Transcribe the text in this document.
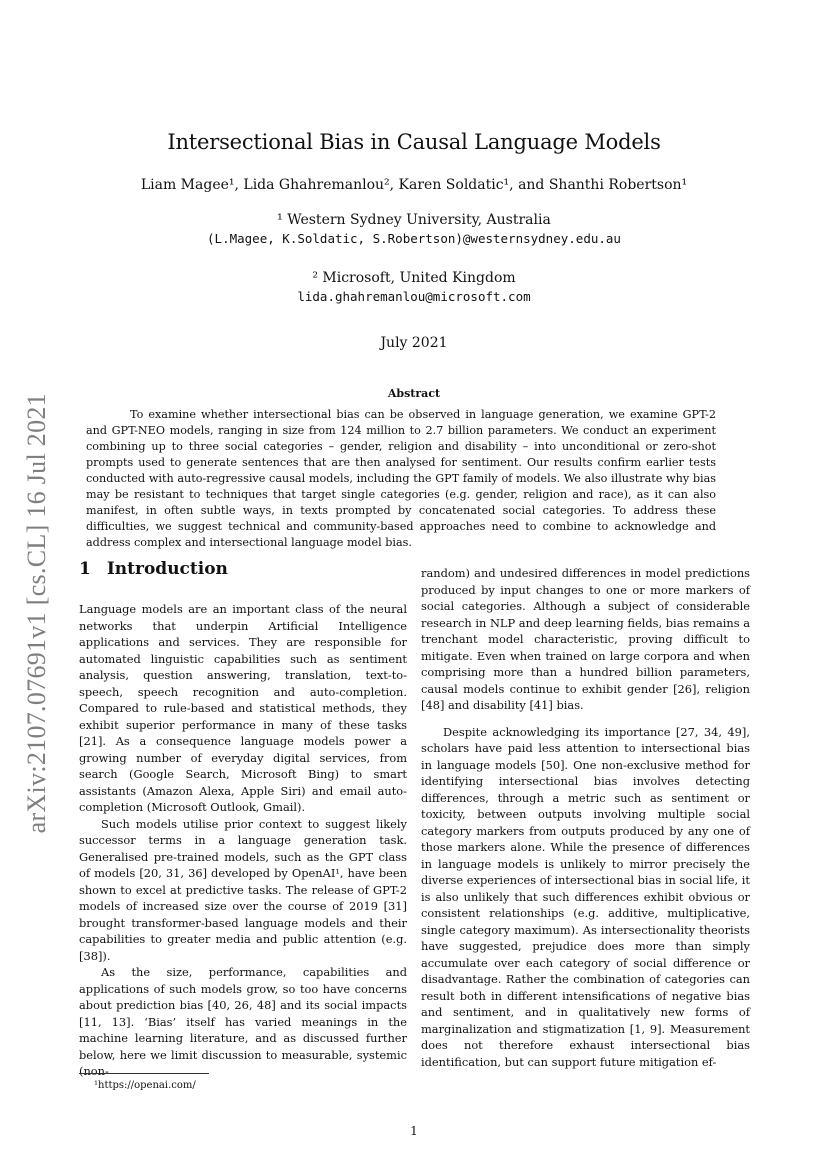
arXiv:2107.07691v1 [cs.CL] 16 Jul 2021
Intersectional Bias in Causal Language Models
Liam Magee¹, Lida Ghahremanlou², Karen Soldatic¹, and Shanthi Robertson¹
¹ Western Sydney University, Australia
(L.Magee, K.Soldatic, S.Robertson)@westernsydney.edu.au
² Microsoft, United Kingdom
lida.ghahremanlou@microsoft.com
July 2021
Abstract
To examine whether intersectional bias can be observed in language generation, we examine GPT-2 and GPT-NEO models, ranging in size from 124 million to 2.7 billion parameters. We conduct an experiment combining up to three social categories – gender, religion and disability – into unconditional or zero-shot prompts used to generate sentences that are then analysed for sentiment. Our results confirm earlier tests conducted with auto-regressive causal models, including the GPT family of models. We also illustrate why bias may be resistant to techniques that target single categories (e.g. gender, religion and race), as it can also manifest, in often subtle ways, in texts prompted by concatenated social categories. To address these difficulties, we suggest technical and community-based approaches need to combine to acknowledge and address complex and intersectional language model bias.
1 Introduction

Language models are an important class of the neural networks that underpin Artificial Intelligence applications and services. They are responsible for automated linguistic capabilities such as sentiment analysis, question answering, translation, text-to-speech, speech recognition and auto-completion. Compared to rule-based and statistical methods, they exhibit superior performance in many of these tasks [21]. As a consequence language models power a growing number of everyday digital services, from search (Google Search, Microsoft Bing) to smart assistants (Amazon Alexa, Apple Siri) and email auto-completion (Microsoft Outlook, Gmail).

Such models utilise prior context to suggest likely successor terms in a language generation task. Generalised pre-trained models, such as the GPT class of models [20, 31, 36] developed by OpenAI¹, have been shown to excel at predictive tasks. The release of GPT-2 models of increased size over the course of 2019 [31] brought transformer-based language models and their capabilities to greater media and public attention (e.g. [38]).

As the size, performance, capabilities and applications of such models grow, so too have concerns about prediction bias [40, 26, 48] and its social impacts [11, 13]. ‘Bias’ itself has varied meanings in the machine learning literature, and as discussed further below, here we limit discussion to measurable, systemic (non-

random) and undesired differences in model predictions produced by input changes to one or more markers of social categories. Although a subject of considerable research in NLP and deep learning fields, bias remains a trenchant model characteristic, proving difficult to mitigate. Even when trained on large corpora and when comprising more than a hundred billion parameters, causal models continue to exhibit gender [26], religion [48] and disability [41] bias.

Despite acknowledging its importance [27, 34, 49], scholars have paid less attention to intersectional bias in language models [50]. One non-exclusive method for identifying intersectional bias involves detecting differences, through a metric such as sentiment or toxicity, between outputs involving multiple social category markers from outputs produced by any one of those markers alone. While the presence of differences in language models is unlikely to mirror precisely the diverse experiences of intersectional bias in social life, it is also unlikely that such differences exhibit obvious or consistent relationships (e.g. additive, multiplicative, single category maximum). As intersectionality theorists have suggested, prejudice does more than simply accumulate over each category of social difference or disadvantage. Rather the combination of categories can result both in different intensifications of negative bias and sentiment, and in qualitatively new forms of marginalization and stigmatization [1, 9]. Measurement does not therefore exhaust intersectional bias identification, but can support future mitigation ef-

¹https://openai.com/
1
